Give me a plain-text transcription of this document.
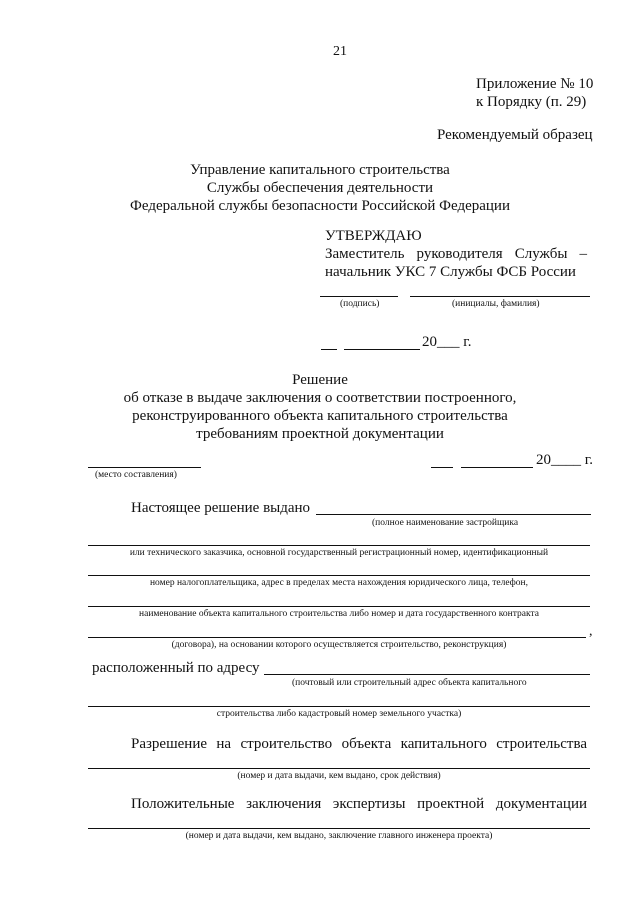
21
Приложение № 10
к Порядку (п. 29)
Рекомендуемый образец
Управление капитального строительства
Службы обеспечения деятельности
Федеральной службы безопасности Российской Федерации
УТВЕРЖДАЮ
Заместитель руководителя Службы –
начальник УКС 7 Службы ФСБ России
(подпись)	(инициалы, фамилия)
20___ г.
Решение
об отказе в выдаче заключения о соответствии построенного,
реконструированного объекта капитального строительства
требованиям проектной документации
(место составления)
20____ г.
Настоящее решение выдано
(полное наименование застройщика
или технического заказчика, основной государственный регистрационный номер, идентификационный
номер налогоплательщика, адрес в пределах места нахождения юридического лица, телефон,
наименование объекта капитального строительства либо номер и дата государственного контракта
,
(договора), на основании которого осуществляется строительство, реконструкция)
расположенный по адресу
(почтовый или строительный адрес объекта капитального
строительства либо кадастровый номер земельного участка)
Разрешение на строительство объекта капитального строительства
(номер и дата выдачи, кем выдано, срок действия)
Положительные заключения экспертизы проектной документации
(номер и дата выдачи, кем выдано, заключение главного инженера проекта)
